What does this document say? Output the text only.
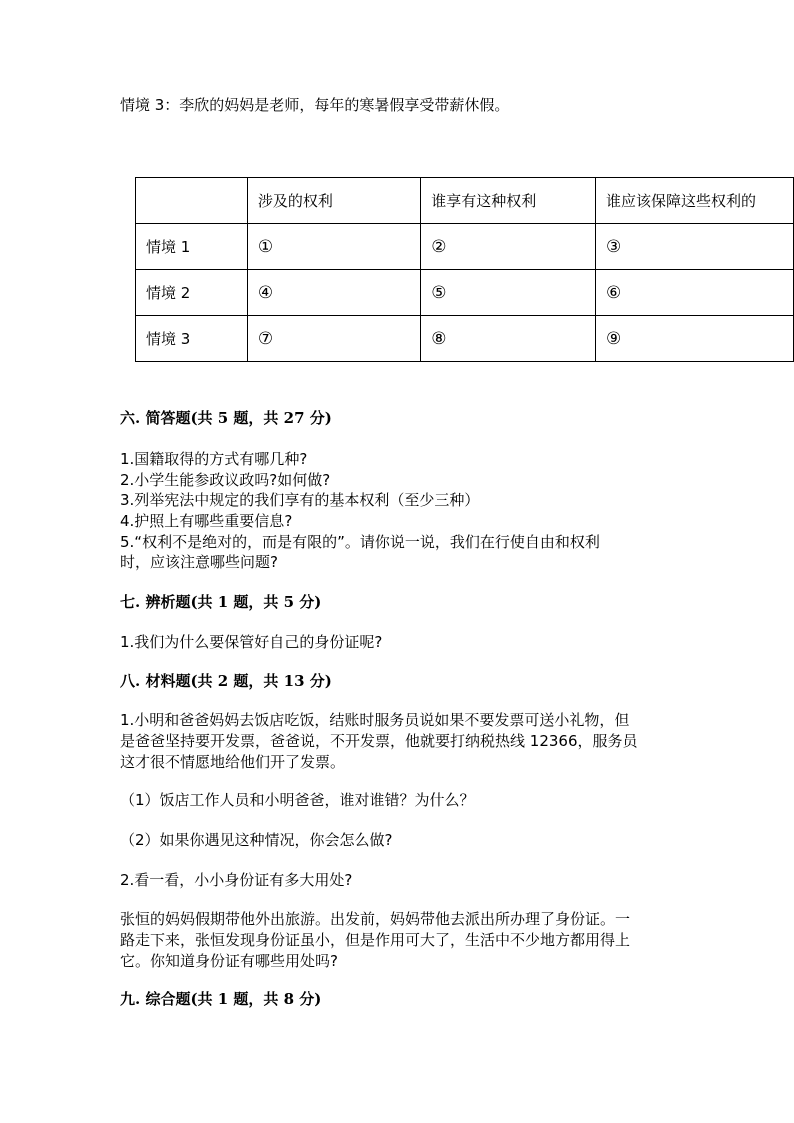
情境 3：李欣的妈妈是老师，每年的寒暑假享受带薪休假。
	涉及的权利	谁享有这种权利	谁应该保障这些权利的
情境 1	①	②	③
情境 2	④	⑤	⑥
情境 3	⑦	⑧	⑨
六. 简答题(共 5 题，共 27 分)
1.国籍取得的方式有哪几种?
2.小学生能参政议政吗?如何做?
3.列举宪法中规定的我们享有的基本权利（至少三种）
4.护照上有哪些重要信息?
5.“权利不是绝对的，而是有限的”。请你说一说，我们在行使自由和权利
时，应该注意哪些问题?
七. 辨析题(共 1 题，共 5 分)
1.我们为什么要保管好自己的身份证呢?
八. 材料题(共 2 题，共 13 分)
1.小明和爸爸妈妈去饭店吃饭，结账时服务员说如果不要发票可送小礼物，但
是爸爸坚持要开发票，爸爸说，不开发票，他就要打纳税热线 12366，服务员
这才很不情愿地给他们开了发票。
（1）饭店工作人员和小明爸爸，谁对谁错？为什么？
（2）如果你遇见这种情况，你会怎么做?
2.看一看，小小身份证有多大用处?
张恒的妈妈假期带他外出旅游。出发前，妈妈带他去派出所办理了身份证。一
路走下来，张恒发现身份证虽小，但是作用可大了，生活中不少地方都用得上
它。你知道身份证有哪些用处吗?
九. 综合题(共 1 题，共 8 分)
